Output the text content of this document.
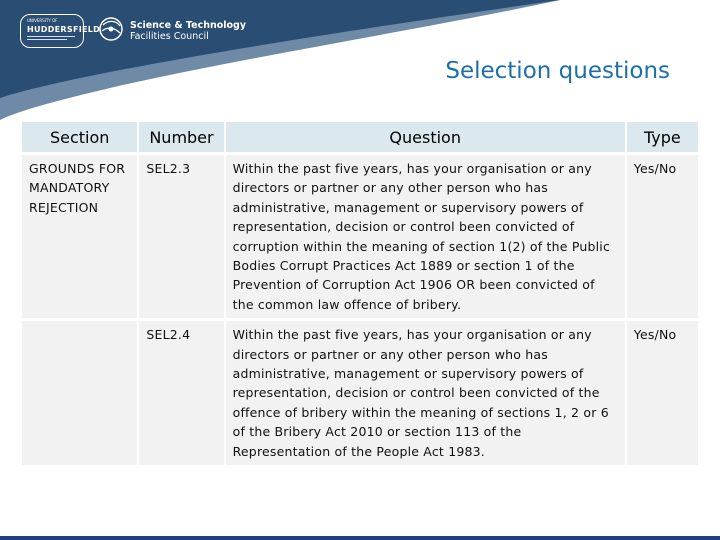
UNIVERSITY OF
HUDDERSFIELD	Science & Technology
Facilities Council
Selection questions
Section	Number	Question	Type
GROUNDS FOR MANDATORY REJECTION	SEL2.3	Within the past five years, has your organisation or any directors or partner or any other person who has administrative, management or supervisory powers of representation, decision or control been convicted of corruption within the meaning of section 1(2) of the Public Bodies Corrupt Practices Act 1889 or section 1 of the Prevention of Corruption Act 1906 OR been convicted of the common law offence of bribery.	Yes/No
	SEL2.4	Within the past five years, has your organisation or any directors or partner or any other person who has administrative, management or supervisory powers of representation, decision or control been convicted of the offence of bribery within the meaning of sections 1, 2 or 6 of the Bribery Act 2010 or section 113 of the Representation of the People Act 1983.	Yes/No
